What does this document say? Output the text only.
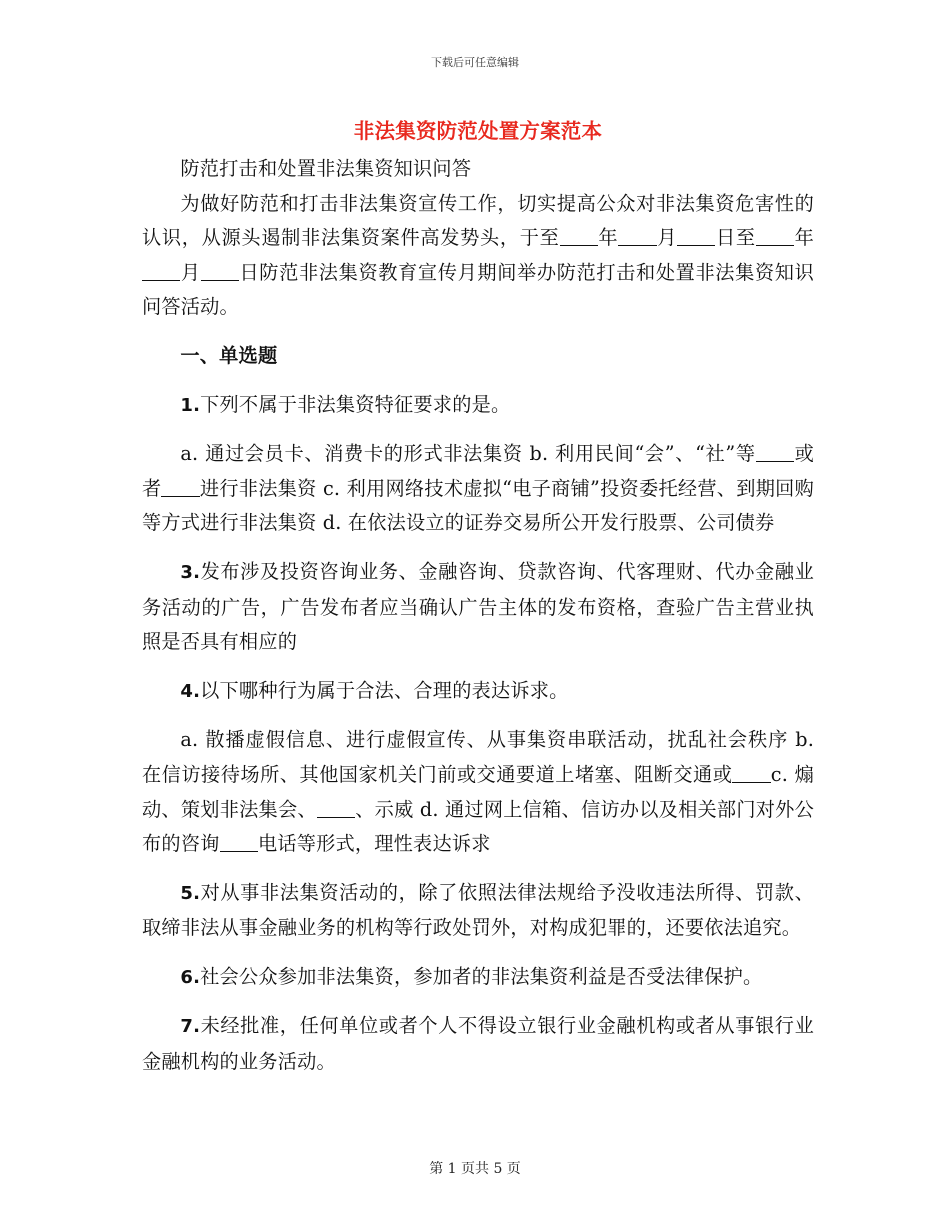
下载后可任意编辑
非法集资防范处置方案范本

防范打击和处置非法集资知识问答

为做好防范和打击非法集资宣传工作，切实提高公众对非法集资危害性的认识，从源头遏制非法集资案件高发势头，于至 年 月 日至 年月 日防范非法集资教育宣传月期间举办防范打击和处置非法集资知识问答活动。

一、单选题

1.下列不属于非法集资特征要求的是。

a. 通过会员卡、消费卡的形式非法集资 b. 利用民间“会”、“社”等 或者 进行非法集资 c. 利用网络技术虚拟“电子商铺”投资委托经营、到期回购等方式进行非法集资 d. 在依法设立的证券交易所公开发行股票、公司债券

3.发布涉及投资咨询业务、金融咨询、贷款咨询、代客理财、代办金融业务活动的广告，广告发布者应当确认广告主体的发布资格，查验广告主营业执照是否具有相应的

4.以下哪种行为属于合法、合理的表达诉求。

a. 散播虚假信息、进行虚假宣传、从事集资串联活动，扰乱社会秩序 b. 在信访接待场所、其他国家机关门前或交通要道上堵塞、阻断交通或 c. 煽动、策划非法集会、 、示威 d. 通过网上信箱、信访办以及相关部门对外公布的咨询 电话等形式，理性表达诉求

5.对从事非法集资活动的，除了依照法律法规给予没收违法所得、罚款、取缔非法从事金融业务的机构等行政处罚外，对构成犯罪的，还要依法追究。

6.社会公众参加非法集资，参加者的非法集资利益是否受法律保护。

7.未经批准，任何单位或者个人不得设立银行业金融机构或者从事银行业金融机构的业务活动。

第 1 页共 5 页
